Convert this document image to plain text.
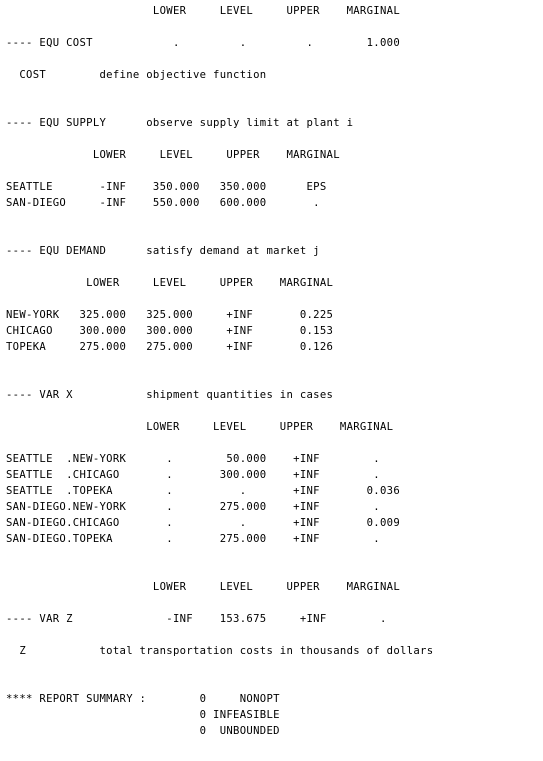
LOWER     LEVEL     UPPER    MARGINAL
---- EQU COST            .         .         .        1.000
COST        define objective function
---- EQU SUPPLY      observe supply limit at plant i
LOWER     LEVEL     UPPER    MARGINAL
SEATTLE       -INF    350.000   350.000      EPS
SAN-DIEGO     -INF    550.000   600.000       .
---- EQU DEMAND      satisfy demand at market j
LOWER     LEVEL     UPPER    MARGINAL
NEW-YORK   325.000   325.000     +INF       0.225
CHICAGO    300.000   300.000     +INF       0.153
TOPEKA     275.000   275.000     +INF       0.126
---- VAR X           shipment quantities in cases
LOWER     LEVEL     UPPER    MARGINAL
SEATTLE  .NEW-YORK      .        50.000    +INF        .
SEATTLE  .CHICAGO       .       300.000    +INF        .
SEATTLE  .TOPEKA        .          .       +INF       0.036
SAN-DIEGO.NEW-YORK      .       275.000    +INF        .
SAN-DIEGO.CHICAGO       .          .       +INF       0.009
SAN-DIEGO.TOPEKA        .       275.000    +INF        .
LOWER     LEVEL     UPPER    MARGINAL
---- VAR Z              -INF    153.675     +INF        .
Z           total transportation costs in thousands of dollars
**** REPORT SUMMARY :        0     NONOPT
0 INFEASIBLE
0  UNBOUNDED
